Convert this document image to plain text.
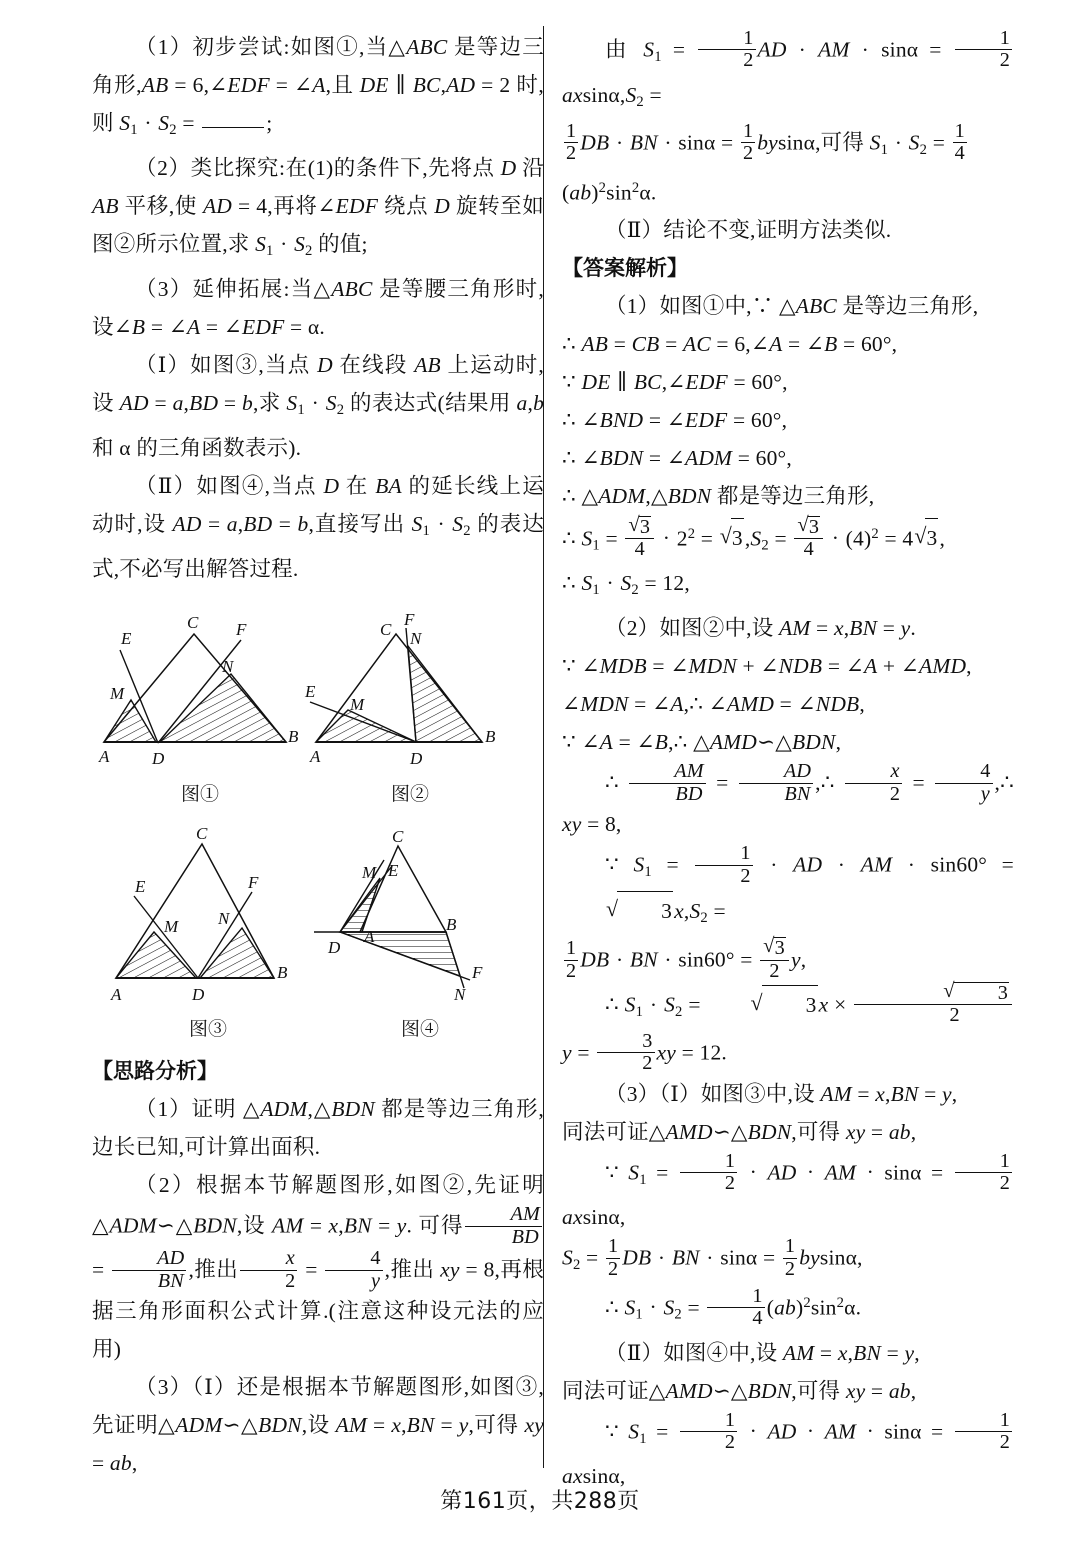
（1）初步尝试:如图①,当△ABC 是等边三角形,AB = 6,∠EDF = ∠A,且 DE ∥ BC,AD = 2 时,则 $S_1 \cdot S_2$ =	;

（2）类比探究:在(1)的条件下,先将点 D 沿 AB 平移,使 AD = 4,再将∠EDF 绕点 D 旋转至如图②所示位置,求 $S_1 \cdot S_2$ 的值;

（3）延伸拓展:当△ABC 是等腰三角形时,设∠B = ∠A = ∠EDF = α.

（Ⅰ）如图③,当点 D 在线段 AB 上运动时,设 AD = a,BD = b,求 $S_1 \cdot S_2$ 的表达式(结果用 a,b 和 α 的三角函数表示).

（Ⅱ）如图④,当点 D 在 BA 的延长线上运动时,设 AD = a,BD = b,直接写出 $S_1 \cdot S_2$ 的表达式,不必写出解答过程.

A
B
C
D
E	F
M
N
图①
A
B
C
D
E
F
M
N
图②
A
B
C
D
E	F
M N
图③
A
B
C
D
E
F
M
N
图④

【思路分析】

（1）证明 △ADM,△BDN 都是等边三角形,边长已知,可计算出面积.

（2）根据本节解题图形,如图②,先证明△ADM∽△BDN,设 AM = x,BN = y. 可得 $\frac{AM}{BD}$
= $\frac{AD}{BN}$ ,推出 $\frac{x}{2} = \frac{4}{y}$ ,推出 xy = 8,再根据三角形面积公式计算.(注意这种设元法的应用)

（3）（Ⅰ）还是根据本节解题图形,如图③,先证明△ADM∽△BDN,设 AM = x,BN = y,可得 xy = ab,

由 $S_1 = \frac{1}{2}$ AD · AM · $\sin\alpha = \frac{1}{2}$
$axsin\alpha,S_2$ =

$\frac{1}{2}$ DB · BN · $\sin\alpha = \frac{1}{2} bysin\alpha$,可得 $S_1 \cdot S_2 = \frac{1}{4}$

$(ab)^2\sin^2\alpha$.

（Ⅱ）结论不变,证明方法类似.

【答案解析】

（1）如图①中,∵ △ABC 是等边三角形,

∴ AB = CB = AC = 6,∠A = ∠B = 60°,

∵ DE ∥ BC,∠EDF = 60°,

∴ ∠BND = ∠EDF = 60°,

∴ ∠BDN = ∠ADM = 60°,

∴ △ADM,△BDN 都是等边三角形,

∴ $S_1$ = √ $\frac{3}{4} \cdot 2^2$ = √ $3,S_2$ = √ $\frac{3}{4} \cdot (4)^2 = 4$ √ 3,

∴ $S_1 \cdot S_2 = 12$,

（2）如图②中,设 AM = x,BN = y.

∵ ∠MDB = ∠MDN + ∠NDB = ∠A + ∠AMD,

∠MDN = ∠A,∴ ∠AMD = ∠NDB,

∵ ∠A = ∠B,∴ △AMD∽△BDN,

∴ $\frac{AM}{BD} = \frac{AD}{BN}$ ,∴ $\frac{x}{2} = \frac{4}{y}$ ,∴ xy = 8,

∵ $S_1 = \frac{1}{2}$ · AD · AM · sin60° = √ $3x,S_2$ =

$\frac{1}{2}$ DB · BN · sin60° = √ $\frac{3}{2} y$,

∴ $S_1 \cdot S_2$ =	√ 3x × √ $\frac{3}{2}$
$y = \frac{3}{2}$ xy = 12.

（3）（Ⅰ）如图③中,设 AM = x,BN = y,

同法可证△AMD∽△BDN,可得 xy = ab,

∵ $S_1 = \frac{1}{2}$ · AD · AM · $\sin\alpha = \frac{1}{2}$
axsinα,

$S_2 = \frac{1}{2}$ DB · BN · $\sin\alpha = \frac{1}{2} bysin\alpha$,

∴ $S_1 \cdot S_2 = \frac{1}{4} (ab)^2\sin^2\alpha$.

（Ⅱ）如图④中,设 AM = x,BN = y,

同法可证△AMD∽△BDN,可得 xy = ab,

∵ $S_1 = \frac{1}{2}$ · AD · AM · $\sin\alpha = \frac{1}{2}$
axsinα,

第161页，共288页
